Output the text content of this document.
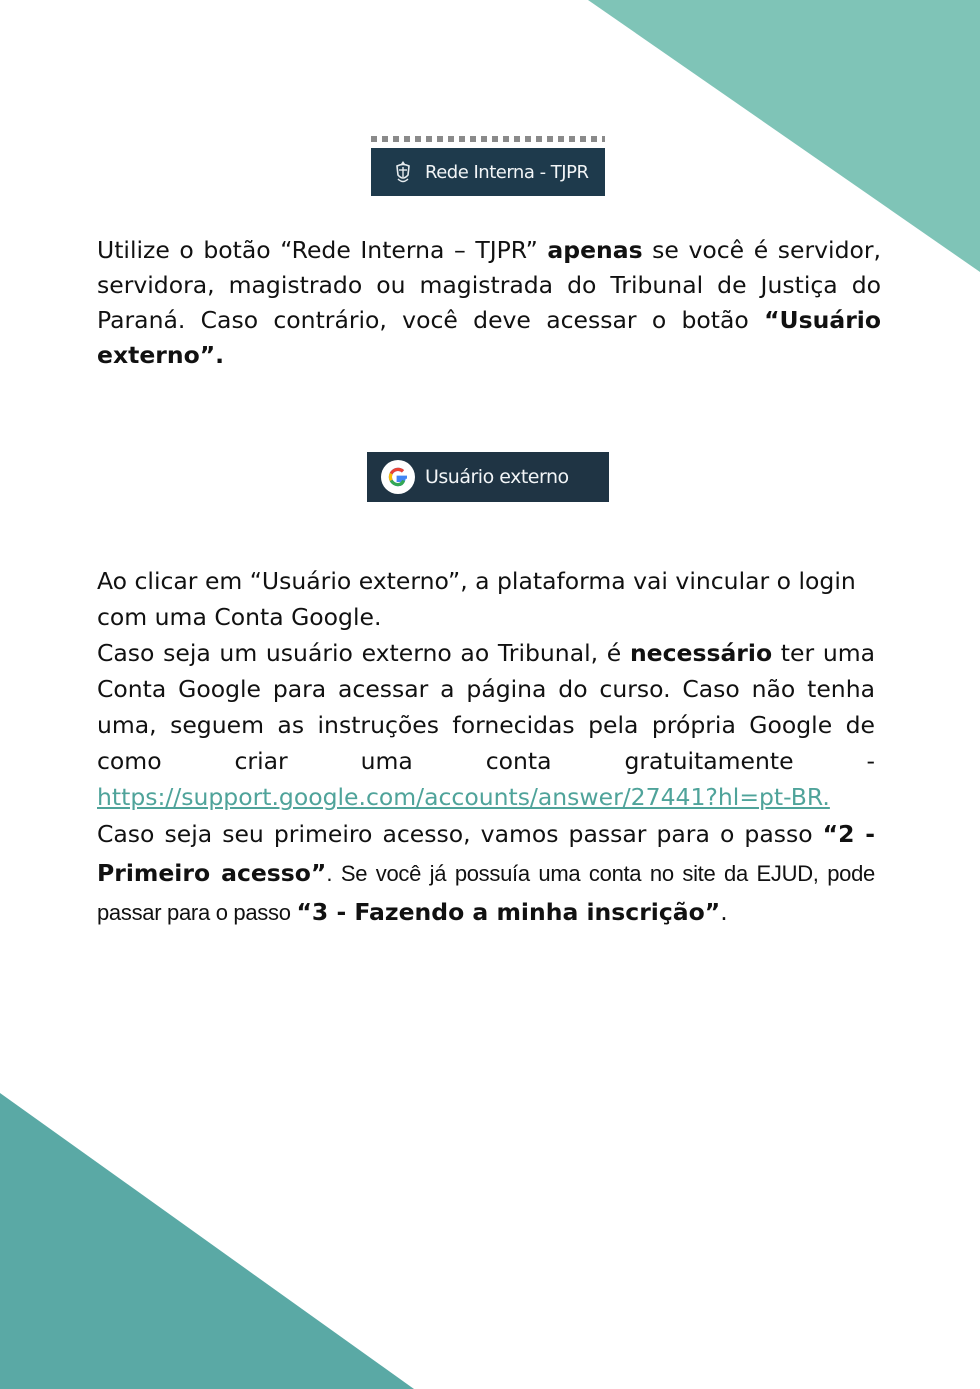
Rede Interna - TJPR

Utilize o botão “Rede Interna – TJPR” apenas se você é servidor, servidora, magistrado ou magistrada do Tribunal de Justiça do Paraná. Caso contrário, você deve acessar o botão “Usuário externo”.

Usuário externo
Ao clicar em “Usuário externo”, a plataforma vai vincular o login com uma Conta Google.
Caso seja um usuário externo ao Tribunal, é necessário ter uma Conta Google para acessar a página do curso. Caso não tenha uma, seguem as instruções fornecidas pela própria Google de como criar uma conta gratuitamente - https://support.google.com/accounts/answer/27441?hl=pt-BR.
Caso seja seu primeiro acesso, vamos passar para o passo “2 - Primeiro acesso”. Se você já possuía uma conta no site da EJUD, pode passar para o passo “3 - Fazendo a minha inscrição”.
